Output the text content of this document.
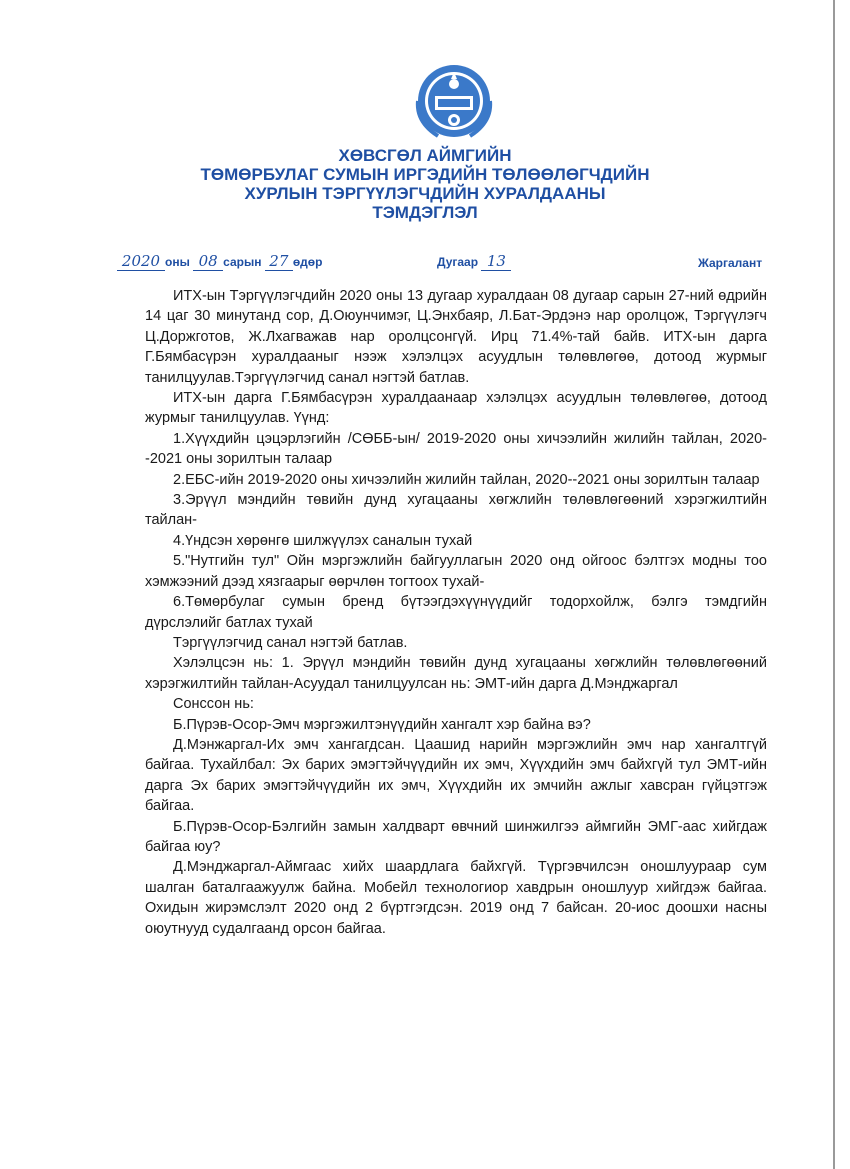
ХӨВСГӨЛ АЙМГИЙН
ТӨМӨРБУЛАГ СУМЫН ИРГЭДИЙН ТӨЛӨӨЛӨГЧДИЙН
ХУРЛЫН ТЭРГҮҮЛЭГЧДИЙН ХУРАЛДААНЫ
ТЭМДЭГЛЭЛ
2020 оны 08 сарын 27 өдөр	Дугаар 13	Жаргалант

ИТХ-ын Тэргүүлэгчдийн 2020 оны 13 дугаар хуралдаан 08 дугаар сарын 27-ний өдрийн 14 цаг 30 минутанд сор, Д.Оюунчимэг, Ц.Энхбаяр, Л.Бат-Эрдэнэ нар оролцож, Тэргүүлэгч Ц.Доржготов, Ж.Лхагважав нар оролцсонгүй. Ирц 71.4%-тай байв. ИТХ-ын дарга Г.Бямбасүрэн хуралдааныг нээж хэлэлцэх асуудлын төлөвлөгөө, дотоод журмыг танилцуулав.Тэргүүлэгчид санал нэгтэй батлав.

ИТХ-ын дарга Г.Бямбасүрэн хуралдаанаар хэлэлцэх асуудлын төлөвлөгөө, дотоод журмыг танилцуулав. Үүнд:

1.Хүүхдийн цэцэрлэгийн /СӨББ-ын/ 2019-2020 оны хичээлийн жилийн тайлан, 2020--2021 оны зорилтын талаар

2.ЕБС-ийн 2019-2020 оны хичээлийн жилийн тайлан, 2020--2021 оны зорилтын талаар

3.Эрүүл мэндийн төвийн дунд хугацааны хөгжлийн төлөвлөгөөний хэрэгжилтийн тайлан-

4.Үндсэн хөрөнгө шилжүүлэх саналын тухай

5."Нутгийн тул" Ойн мэргэжлийн байгууллагын 2020 онд ойгоос бэлтгэх модны тоо хэмжээний дээд хязгаарыг өөрчлөн тогтоох тухай-

6.Төмөрбулаг сумын бренд бүтээгдэхүүнүүдийг тодорхойлж, бэлгэ тэмдгийн дүрслэлийг батлах тухай

Тэргүүлэгчид санал нэгтэй батлав.

Хэлэлцсэн нь: 1. Эрүүл мэндийн төвийн дунд хугацааны хөгжлийн төлөвлөгөөний хэрэгжилтийн тайлан-Асуудал танилцуулсан нь: ЭМТ-ийн дарга Д.Мэнджаргал

Сонссон нь:

Б.Пүрэв-Осор-Эмч мэргэжилтэнүүдийн хангалт хэр байна вэ?

Д.Мэнжаргал-Их эмч хангагдсан. Цаашид нарийн мэргэжлийн эмч нар хангалтгүй байгаа. Тухайлбал: Эх барих эмэгтэйчүүдийн их эмч, Хүүхдийн эмч байхгүй тул ЭМТ-ийн дарга Эх барих эмэгтэйчүүдийн их эмч, Хүүхдийн их эмчийн ажлыг хавсран гүйцэтгэж байгаа.

Б.Пүрэв-Осор-Бэлгийн замын халдварт өвчний шинжилгээ аймгийн ЭМГ-аас хийгдаж байгаа юу?

Д.Мэнджаргал-Аймгаас хийх шаардлага байхгүй. Түргэвчилсэн оношлуураар сум шалган баталгаажуулж байна. Мобейл технологиор хавдрын оношлуур хийгдэж байгаа. Охидын жирэмслэлт 2020 онд 2 бүртгэгдсэн. 2019 онд 7 байсан. 20-иос доошхи насны оюутнууд судалгаанд орсон байгаа.
